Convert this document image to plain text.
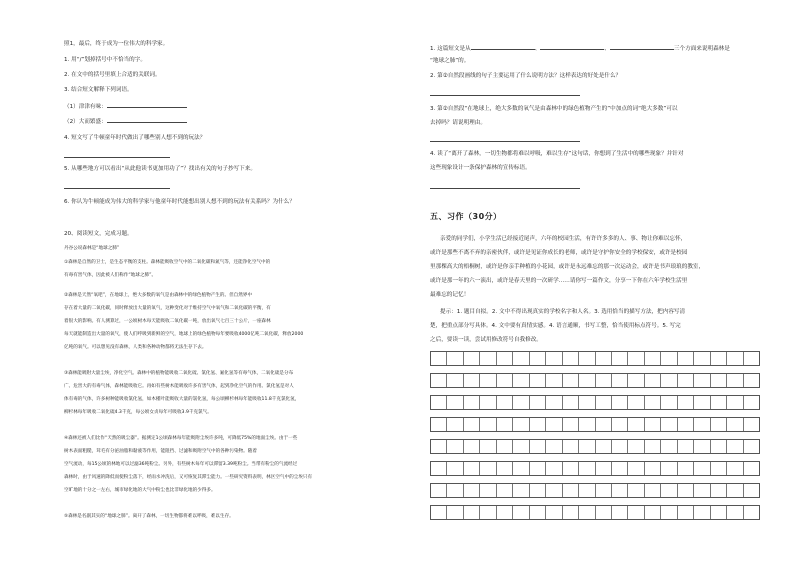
照1，最后，终于成为一位伟大的科学家。
1. 用“/”划掉括号中不恰当的字。
2. 在文中的括号里填上合适的关联词。
3. 结合短文解释下列词语。
（1）津津有味：
（2）大而繁盛：
4. 短文写了牛顿童年时代做出了哪些别人想不到的玩法？
5. 从哪些地方可以看出“从此他读书更加用功了”？找出有关的句子抄写下来。
6. 你认为牛顿能成为伟大的科学家与他童年时代能想出别人想不到的玩法有关系吗？为什么？
20、阅读短文，完成习题。
丹谷公说森林是“地球之肺”
①森林是自然的卫士，是生态平衡的支柱。森林能吸收空气中的二氧化碳和氮气等，还能净化空气中的
有毒有害气体，因此被人们称作“地球之肺”。
②森林是天然“氧吧”，在地球上，绝大多数的氧气是由森林中的绿色植物产生的。但自然界中
存在着大量的二氧化碳，同时释放出大量的氧气，这种变化对于维持空气中氧气和二氧化碳的平衡，有
着很大的影响。有人测算过，一公顷树木每天能吸收二氧化碳一吨，放出氧气七百三十公斤，一座森林
每天就能制造出大量的氧气，使人们呼吸到新鲜的空气，地球上的绿色植物每年要吸收4000亿吨二氧化碳，释放2000
亿吨的氧气。可以想见没有森林，人类和各种动物都将无法生存下去。
③森林能吸附大量尘埃，净化空气。森林中的植物能吸收二氧化硫、氯化氢、氟化氢等有毒气体，二氧化硫是分布
广、危害大的有毒气体，森林能吸收它。再如有些树木能吸收许多有害气体，起到净化空气的作用。氯化氢是对人
体有毒的气体，许多树种能吸收氯化氢，如木槿叶能吸收大量的氯化氢，每公顷柳杉林每年能吸收11.8千克氯化氢，
柳杉林每年吸收二氧化硫4.3千克，每公顷女贞每年可吸收3.9千克氯气。
④森林还被人们比作“天然的吸尘器”。据测定1公顷森林每年能吸附尘埃许多吨，可降低75%的地面尘埃。由于一些
树木表面粗糙，茸毛有分泌油脂和黏液等作用，能阻挡、过滤和吸附空气中的各种污染物。随着
空气流动，每15公顷的林地可以过滤36吨粉尘。另外，有些树木每年可以滞留3.39吨粉尘。当带有粉尘的气流经过
森林时，由于风速的降低而使粉尘落下，经雨水冲洗后，又可恢复其滞尘能力。一些研究资料表明，林区空气中的尘埃只有
空旷地的十分之一左右，城市绿化地的大气中粉尘也比非绿化地的少得多。
⑤森林是名副其实的“地球之肺”。离开了森林，一切生物都将难以呼吸，难以生存。
1. 这篇短文是从	、	、	三个方面来说明森林是
“地球之肺”的。
2. 第②自然段画线的句子主要运用了什么说明方法？这样表达的好处是什么？
3. 第②自然段“在地球上，绝大多数的氧气是由森林中的绿色植物产生的”中加点的词“绝大多数”可以
去掉吗？请说明理由。
4. 读了“离开了森林，一切生物都将难以呼吸，难以生存”这句话，你想到了生活中的哪些现象？并针对
这些现象设计一条保护森林的宣传标语。
五、习作（30分）
亲爱的同学们，小学生活已经接近尾声，六年的校园生活，有许许多多的人、事、物让你难以忘怀，
或许是那些不离不弃的亲密伙伴，或许是见证你成长的老师，或许是守护你安全的学校保安，或许是校园
里那棵高大的梧桐树，或许是你亲手种植的小花园，或许是永远难忘的那一次运动会，或许是书声琅琅的教室，
或许是那一年的六一演出，或许是春天里的一次研学……请你写一篇作文，分享一下你在六年学校生活里
最难忘的记忆！
提示：1. 题目自拟。2. 文中不得出现真实的学校名字和人名。3. 选用恰当的描写方法，把内容写清
楚，把重点部分写具体。4. 文中要有真情实感。4. 语言通顺，书写工整，恰当使用标点符号。5. 写完
之后，要读一读，尝试用修改符号自我修改。
